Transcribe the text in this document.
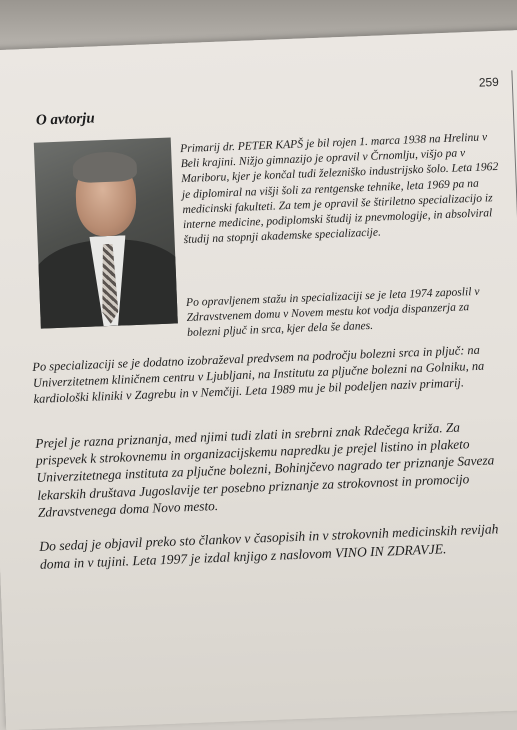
259
O avtorju
Primarij dr. PETER KAPŠ je bil rojen 1. marca 1938 na Hrelinu v Beli krajini. Nižjo gimnazijo je opravil v Črnomlju, višjo pa v Mariboru, kjer je končal tudi železniško industrijsko šolo. Leta 1962 je diplomiral na višji šoli za rentgenske tehnike, leta 1969 pa na medicinski fakulteti. Za tem je opravil še štiriletno specializacijo iz interne medicine, podiplomski študij iz pnevmologije, in absolviral študij na stopnji akademske specializacije.
Po opravljenem stažu in specializaciji se je leta 1974 zaposlil v Zdravstvenem domu v Novem mestu kot vodja dispanzerja za bolezni pljuč in srca, kjer dela še danes.
Po specializaciji se je dodatno izobraževal predvsem na področju bolezni srca in pljuč: na Univerzitetnem kliničnem centru v Ljubljani, na Institutu za pljučne bolezni na Golniku, na kardiološki kliniki v Zagrebu in v Nemčiji. Leta 1989 mu je bil podeljen naziv primarij.
Prejel je razna priznanja, med njimi tudi zlati in srebrni znak Rdečega križa. Za prispevek k strokovnemu in organizacijskemu napredku je prejel listino in plaketo Univerzitetnega instituta za pljučne bolezni, Bohinjčevo nagrado ter priznanje Saveza lekarskih društava Jugoslavije ter posebno priznanje za strokovnost in promocijo Zdravstvenega doma Novo mesto.
Do sedaj je objavil preko sto člankov v časopisih in v strokovnih medicinskih revijah doma in v tujini. Leta 1997 je izdal knjigo z naslovom VINO IN ZDRAVJE.
